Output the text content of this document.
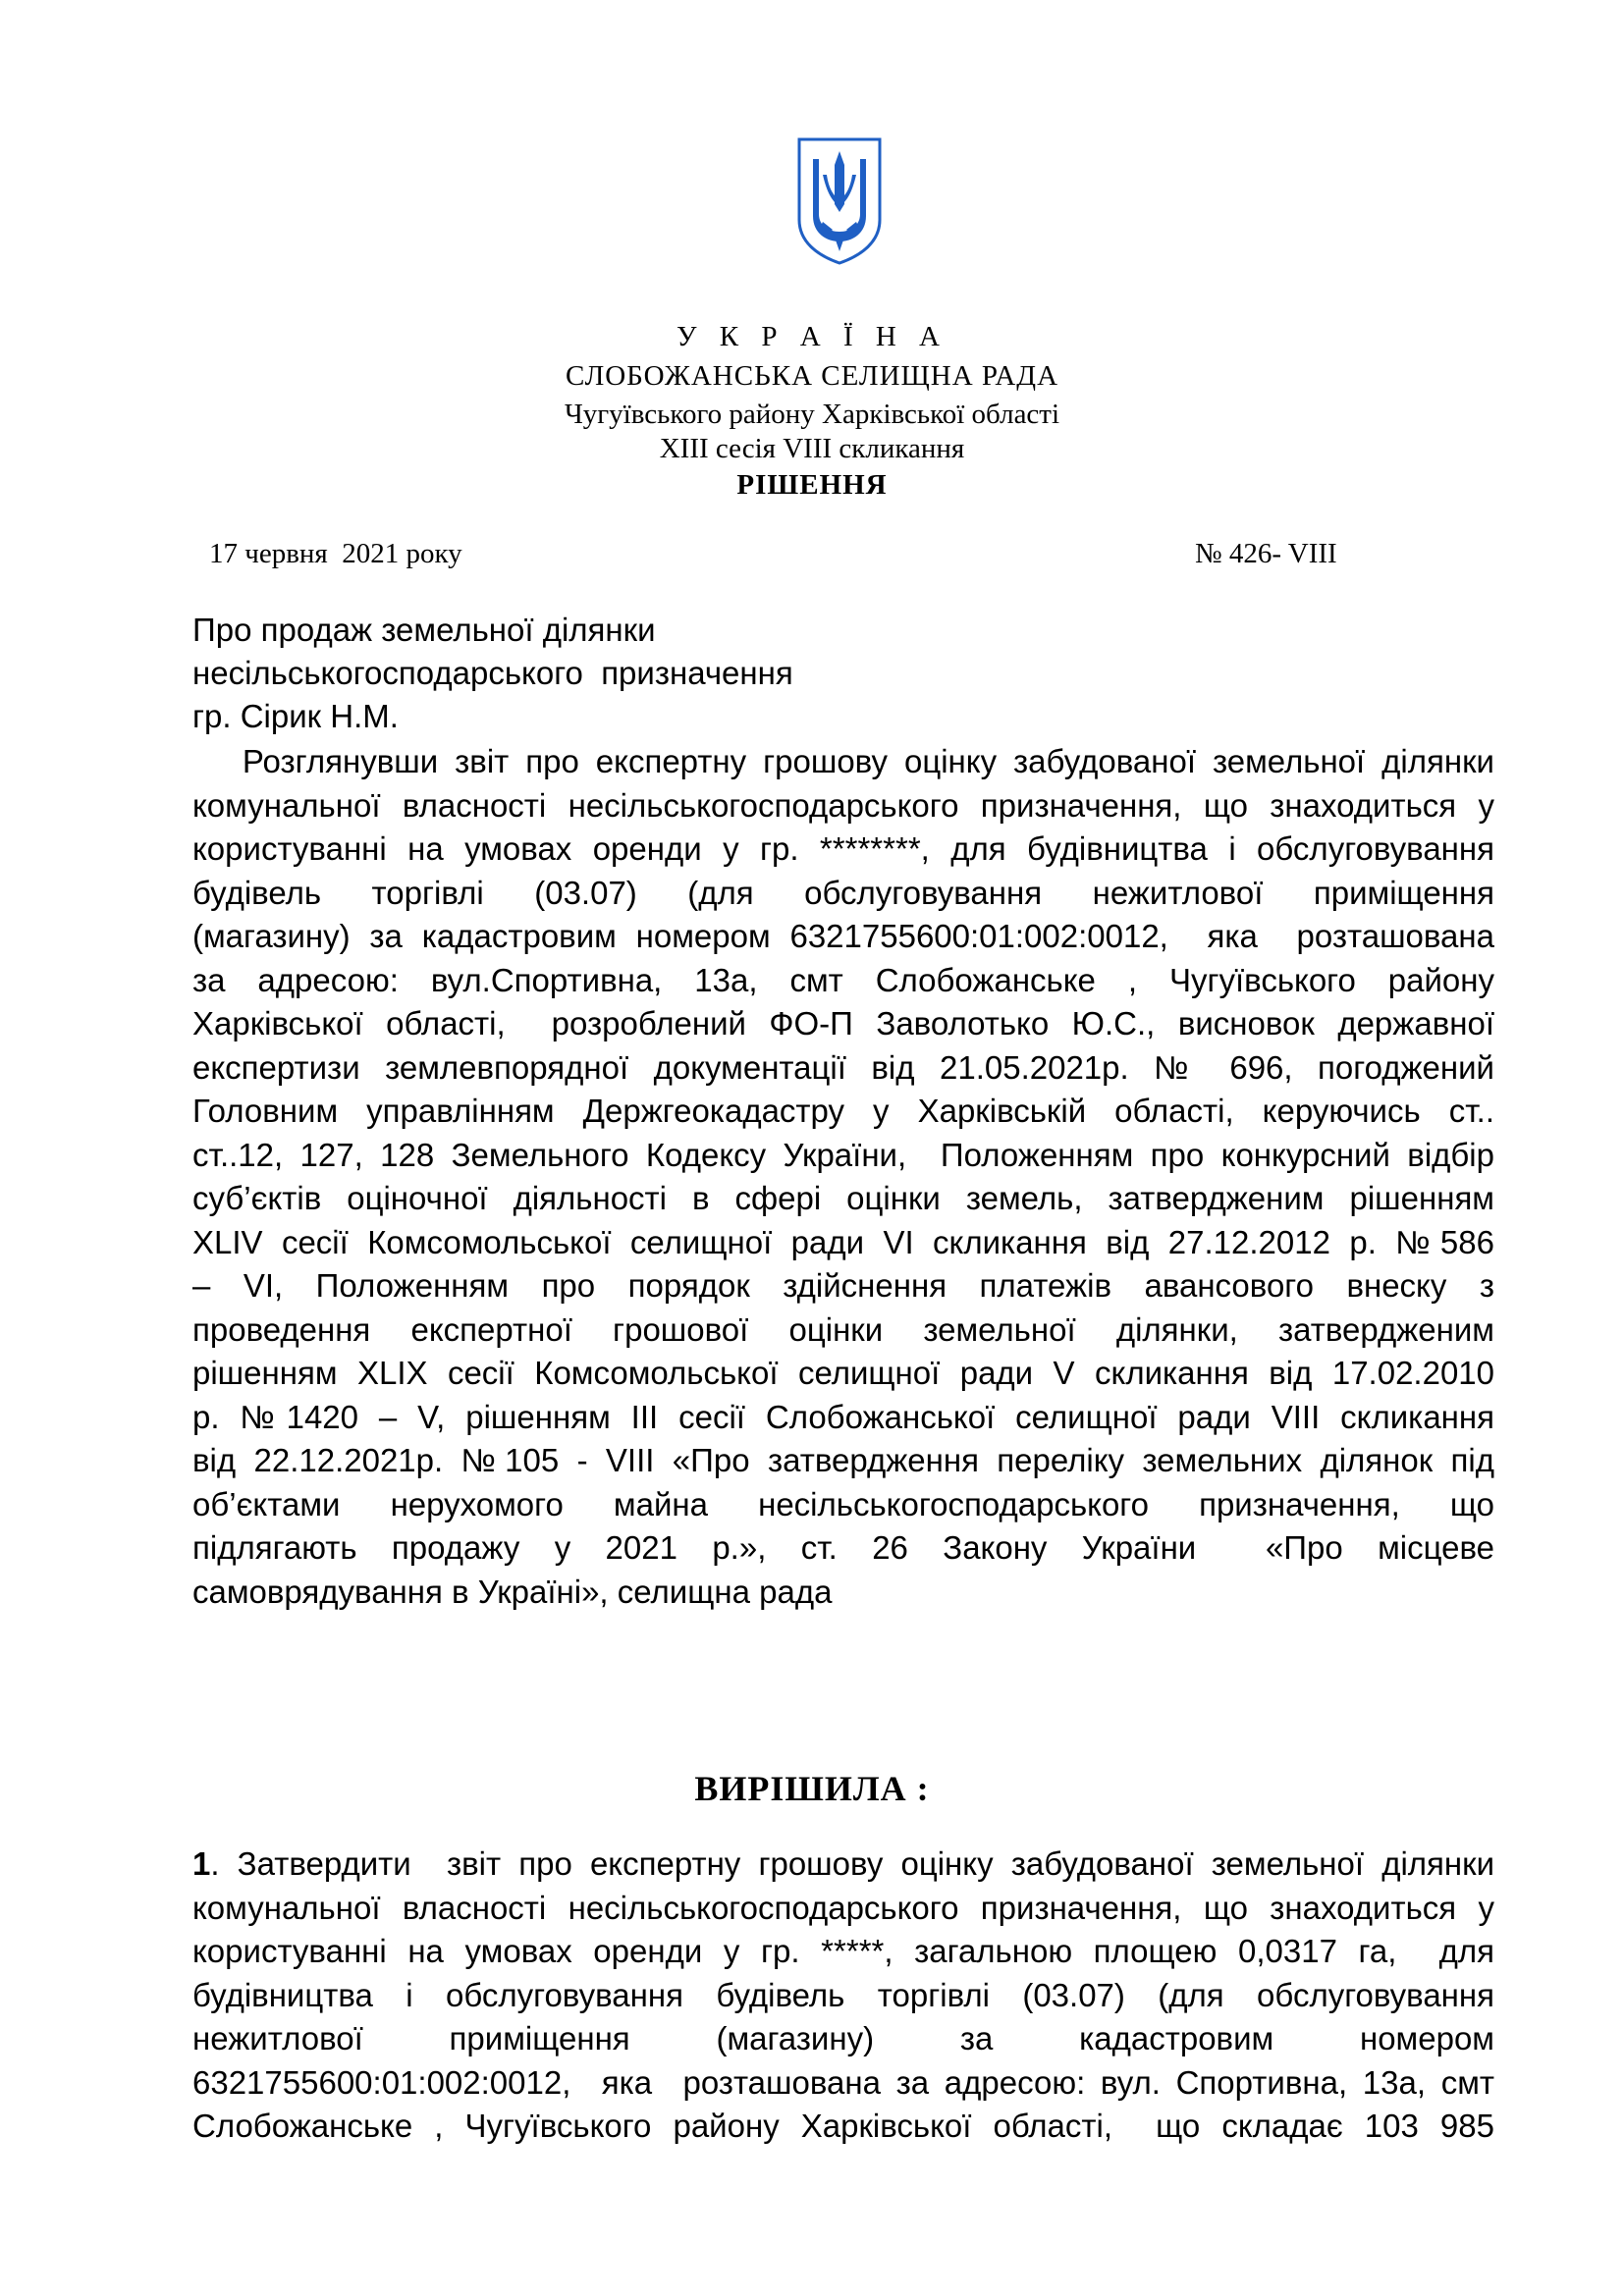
У К Р А Ї Н А
СЛОБОЖАНСЬКА СЕЛИЩНА РАДА
Чугуївського району Харківської області
XIII сесія VIII скликання
РІШЕННЯ
17 червня  2021 року	№ 426- VIII
Про продаж земельної ділянки
несільськогосподарського  призначення
гр. Сірик Н.М.
Розглянувши звіт про експертну грошову оцінку забудованої земельної ділянки
комунальної власності несільськогосподарського призначення, що знаходиться у
користуванні на умовах оренди у гр. ********, для будівництва і обслуговування
будівель торгівлі (03.07) (для обслуговування нежитлової приміщення
(магазину) за кадастровим номером 6321755600:01:002:0012,  яка  розташована
за адресою: вул.Спортивна, 13а, смт Слобожанське , Чугуївського району
Харківської області,  розроблений ФО-П Заволотько Ю.С., висновок державної
експертизи землевпорядної документації від 21.05.2021р. № 696, погоджений
Головним управлінням Держгеокадастру у Харківській області, керуючись ст..
ст..12, 127, 128 Земельного Кодексу України,  Положенням про конкурсний відбір
суб’єктів оціночної діяльності в сфері оцінки земель, затвердженим рішенням
XLIV сесії Комсомольської селищної ради VI скликання від 27.12.2012 р. №586
– VI, Положенням про порядок здійснення платежів авансового внеску з
проведення експертної грошової оцінки земельної ділянки, затвердженим
рішенням XLIX сесії Комсомольської селищної ради V скликання від 17.02.2010
р. №1420 – V, рішенням III сесії Слобожанської селищної ради VIII скликання
від 22.12.2021р. №105 - VIII «Про затвердження переліку земельних ділянок під
об’єктами нерухомого майна несільськогосподарського призначення, що
підлягають продажу у 2021 р.», ст. 26 Закону України  «Про місцеве
самоврядування в Україні», селищна рада
ВИРІШИЛА :
1. Затвердити  звіт про експертну грошову оцінку забудованої земельної ділянки
комунальної власності несільськогосподарського призначення, що знаходиться у
користуванні на умовах оренди у гр. *****, загальною площею 0,0317 га,  для
будівництва і обслуговування будівель торгівлі (03.07) (для обслуговування
нежитлової приміщення (магазину) за кадастровим номером
6321755600:01:002:0012,  яка  розташована за адресою: вул. Спортивна, 13а, смт
Слобожанське , Чугуївського району Харківської області,  що складає 103 985
